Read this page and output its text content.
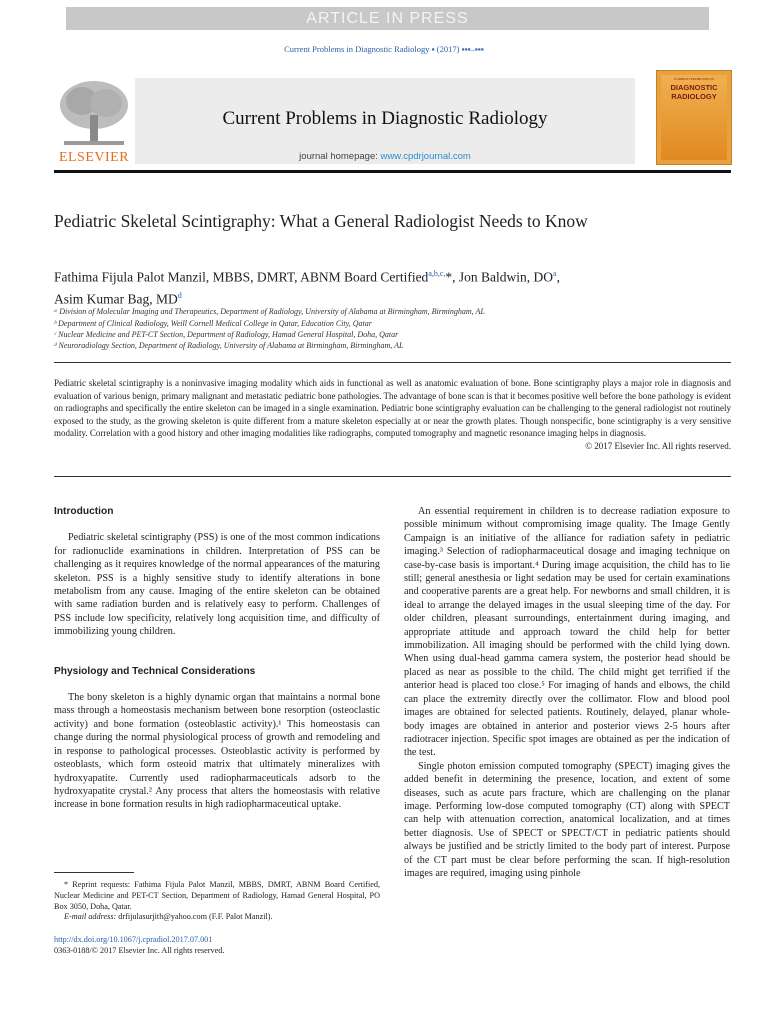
ARTICLE IN PRESS
Current Problems in Diagnostic Radiology ▪ (2017) ▪▪▪–▪▪▪
ELSEVIER
Current Problems in Diagnostic Radiology
journal homepage: www.cpdrjournal.com
CURRENT PROBLEMS IN
DIAGNOSTIC
RADIOLOGY
Pediatric Skeletal Scintigraphy: What a General Radiologist Needs to Know
Fathima Fijula Palot Manzil, MBBS, DMRT, ABNM Board Certified$^{a,b,c,}$*, Jon Baldwin, $DO^a$,
Asim Kumar Bag, $MD^d$
ᵃ Division of Molecular Imaging and Therapeutics, Department of Radiology, University of Alabama at Birmingham, Birmingham, AL
ᵇ Department of Clinical Radiology, Weill Cornell Medical College in Qatar, Education City, Qatar
ᶜ Nuclear Medicine and PET-CT Section, Department of Radiology, Hamad General Hospital, Doha, Qatar
ᵈ Neuroradiology Section, Department of Radiology, University of Alabama at Birmingham, Birmingham, AL
Pediatric skeletal scintigraphy is a noninvasive imaging modality which aids in functional as well as anatomic evaluation of bone. Bone scintigraphy plays a major role in diagnosis and evaluation of various benign, primary malignant and metastatic pediatric bone pathologies. The advantage of bone scan is that it becomes positive well before the bone pathology is evident on radiographs and specifically the entire skeleton can be imaged in a single examination. Pediatric bone scintigraphy evaluation can be challenging to the general radiologist not routinely exposed to the study, as the growing skeleton is quite different from a mature skeleton especially at or near the growth plates. Though nonspecific, bone scintigraphy is a very sensitive modality. Correlation with a good history and other imaging modalities like radiographs, computed tomography and magnetic resonance imaging helps in diagnosis.
© 2017 Elsevier Inc. All rights reserved.
Introduction

Pediatric skeletal scintigraphy (PSS) is one of the most common indications for radionuclide examinations in children. Interpretation of PSS can be challenging as it requires knowledge of the normal appearances of the maturing skeleton. PSS is a highly sensitive study to identify alterations in bone metabolism from any cause. Imaging of the entire skeleton can be obtained with same radiation burden and is relatively easy to perform. Challenges of PSS include low specificity, relatively long acquisition time, and difficulty of immobilizing young children.

Physiology and Technical Considerations

The bony skeleton is a highly dynamic organ that maintains a normal bone mass through a homeostasis mechanism between bone resorption (osteoclastic activity) and bone formation (osteoblastic activity).¹ This homeostasis can change during the normal physiological process of growth and remodeling and in response to pathological processes. Osteoblastic activity is performed by osteoblasts, which form osteoid matrix that ultimately mineralizes with hydroxyapatite. Currently used radiopharmaceuticals adsorb to the hydroxyapatite crystal.² Any process that alters the homeostasis with relative increase in bone formation results in high radiopharmaceutical uptake.

An essential requirement in children is to decrease radiation exposure to possible minimum without compromising image quality. The Image Gently Campaign is an initiative of the alliance for radiation safety in pediatric imaging.³ Selection of radiopharmaceutical dosage and imaging technique on case-by-case basis is important.⁴ During image acquisition, the child has to lie still; general anesthesia or light sedation may be used for certain examinations and cooperative parents are a great help. For newborns and small children, it is ideal to arrange the delayed images in the usual sleeping time of the day. For older children, pleasant surroundings, entertainment during imaging, and appropriate attitude and approach toward the child help for better immobilization. All imaging should be performed with the child lying down. When using dual-head gamma camera system, the posterior head should be placed as near as possible to the child. The child might get terrified if the anterior head is placed too close.⁵ For imaging of hands and elbows, the child can place the extremity directly over the collimator. Flow and blood pool images are obtained for selected patients. Routinely, delayed, planar whole-body images are obtained in anterior and posterior views 2-5 hours after radiotracer injection. Specific spot images are obtained as per the indication of the test.

Single photon emission computed tomography (SPECT) imaging gives the added benefit in determining the presence, location, and extent of some diseases, such as acute pars fracture, which are challenging on the planar image. Performing low-dose computed tomography (CT) along with SPECT can help with attenuation correction, anatomical localization, and at times better diagnosis. Use of SPECT or SPECT/CT in pediatric patients should always be justified and be strictly limited to the body part of interest. Purpose of the CT part must be clear before performing the scan. If high-resolution images are required, imaging using pinhole

* Reprint requests: Fathima Fijula Palot Manzil, MBBS, DMRT, ABNM Board Certified, Nuclear Medicine and PET-CT Section, Department of Radiology, Hamad General Hospital, PO Box 3050, Doha, Qatar.
E-mail address: drfijulasurjith@yahoo.com (F.F. Palot Manzil).
http://dx.doi.org/10.1067/j.cpradiol.2017.07.001
0363-0188/© 2017 Elsevier Inc. All rights reserved.
